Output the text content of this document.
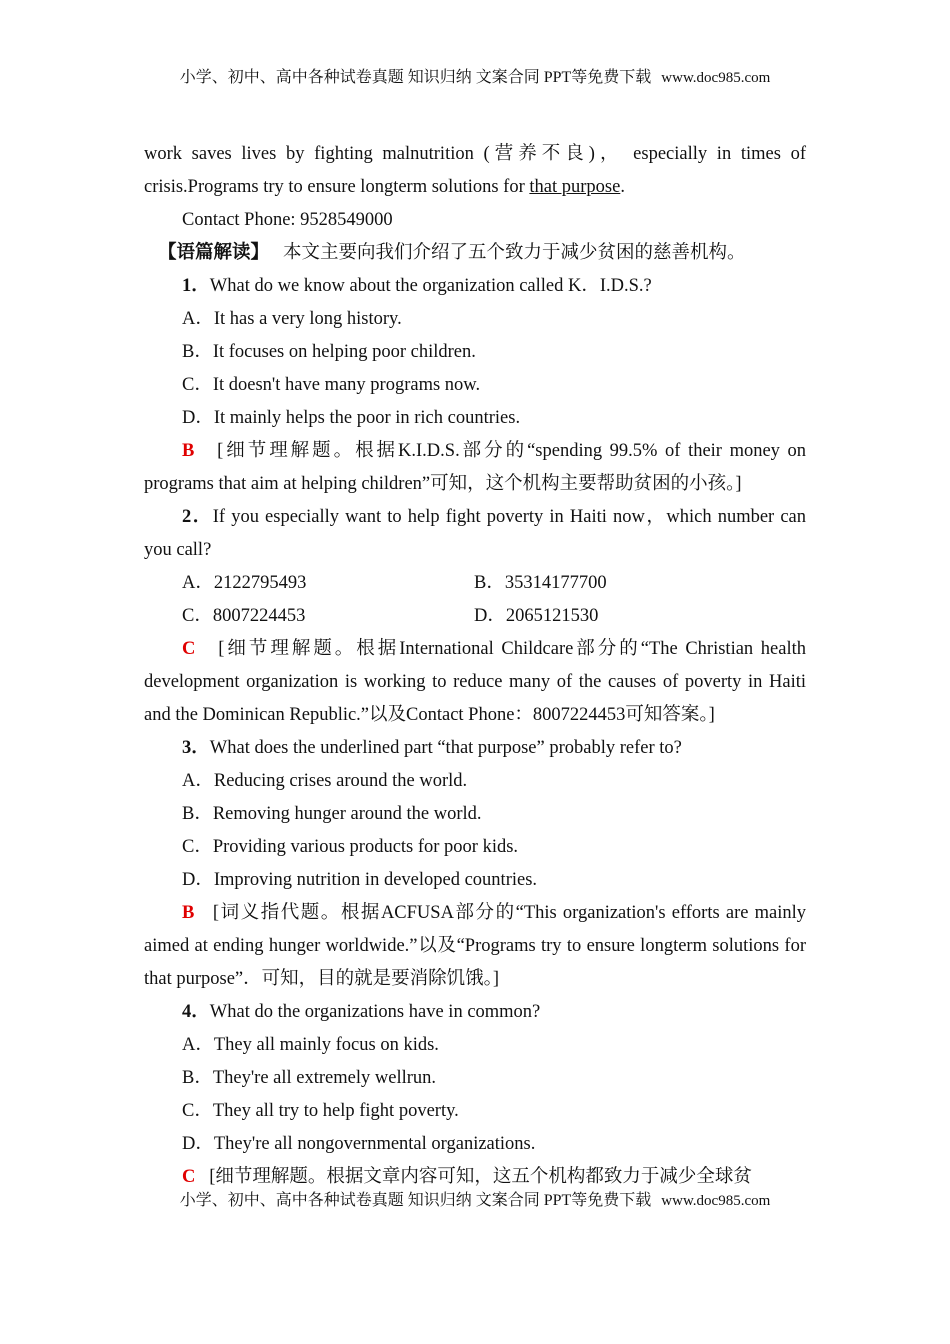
小学、初中、高中各种试卷真题 知识归纳 文案合同 PPT等免费下载 www.doc985.com

work saves lives by fighting malnutrition (营养不良)， especially in times of crisis.Programs try to ensure longterm solutions for that purpose.

Contact Phone: 9528549000

【语篇解读】 本文主要向我们介绍了五个致力于减少贫困的慈善机构。

1．What do we know about the organization called K．I.D.S.?

A．It has a very long history.

B．It focuses on helping poor children.

C．It doesn't have many programs now.

D．It mainly helps the poor in rich countries.

B [细节理解题。根据K.I.D.S.部分的“spending 99.5% of their money on programs that aim at helping children”可知，这个机构主要帮助贫困的小孩。]

2．If you especially want to help fight poverty in Haiti now，which number can you call?

A．2122795493	B．35314177700
C．8007224453	D．2065121530

C [细节理解题。根据International Childcare部分的“The Christian health development organization is working to reduce many of the causes of poverty in Haiti and the Dominican Republic.”以及Contact Phone：8007224453可知答案。]

3．What does the underlined part “that purpose” probably refer to?

A．Reducing crises around the world.

B．Removing hunger around the world.

C．Providing various products for poor kids.

D．Improving nutrition in developed countries.

B [词义指代题。根据ACFUSA部分的“This organization's efforts are mainly aimed at ending hunger worldwide.”以及“Programs try to ensure longterm solutions for that purpose”．可知，目的就是要消除饥饿。]

4．What do the organizations have in common?

A．They all mainly focus on kids.

B．They're all extremely wellrun.

C．They all try to help fight poverty.

D．They're all nongovernmental organizations.

C [细节理解题。根据文章内容可知，这五个机构都致力于减少全球贫

小学、初中、高中各种试卷真题 知识归纳 文案合同 PPT等免费下载 www.doc985.com
